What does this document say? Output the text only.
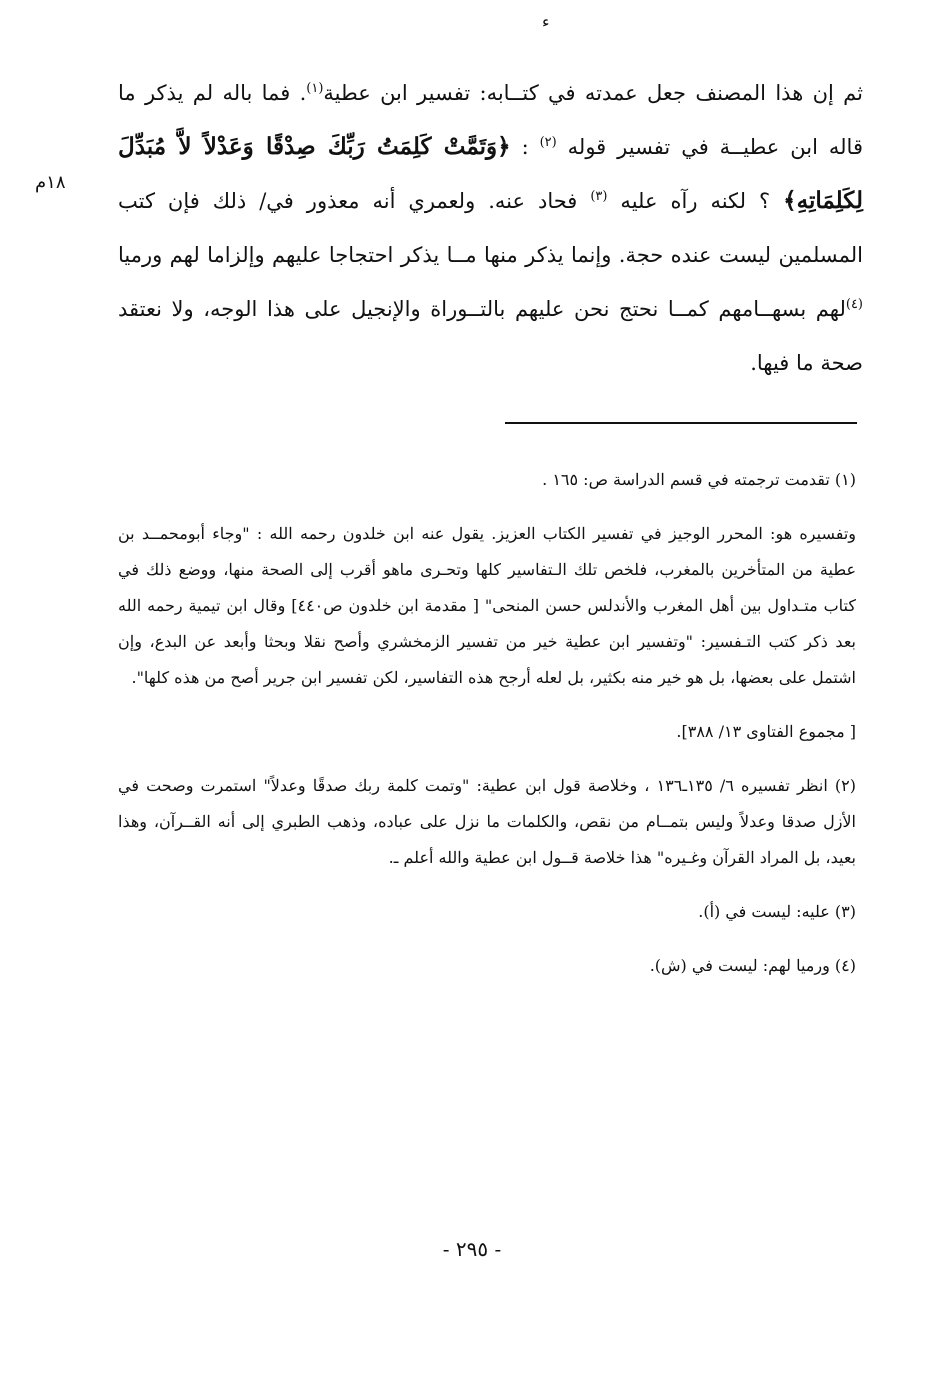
ء
١٨م

ثم إن هذا المصنف جعل عمدته في كتــابه: تفسير ابن عطية$^{(١)}$. فما باله لم يذكر ما قاله ابن عطيــة في تفسير قوله $^{(٢)}$ : ﴿وَتَمَّتْ كَلِمَتُ رَبِّكَ صِدْقًا وَعَدْلاً لاَّ مُبَدِّلَ لِكَلِمَاتِهِ﴾ ؟ لكنه رآه عليه $^{(٣)}$ فحاد عنه. ولعمري أنه معذور في/ ذلك فإن كتب المسلمين ليست عنده حجة. وإنما يذكر منها مــا يذكر احتجاجا عليهم وإلزاما لهم ورميا $^{(٤)}$لهم بسهــامهم كمــا نحتج نحن عليهم بالتــوراة والإنجيل على هذا الوجه، ولا نعتقد صحة ما فيها.

(١) تقدمت ترجمته في قسم الدراسة ص: ١٦٥ .

وتفسيره هو: المحرر الوجيز في تفسير الكتاب العزيز. يقول عنه ابن خلدون رحمه الله : "وجاء أبومحمــد بن عطية من المتأخرين بالمغرب، فلخص تلك الـتفاسير كلها وتحـرى ماهو أقرب إلى الصحة منها، ووضع ذلك في كتاب متـداول بين أهل المغرب والأندلس حسن المنحى" [ مقدمة ابن خلدون ص٤٤٠] وقال ابن تيمية رحمه الله بعد ذكر كتب التـفسير: "وتفسير ابن عطية خير من تفسير الزمخشري وأصح نقلا وبحثا وأبعد عن البدع، وإن اشتمل على بعضها، بل هو خير منه بكثير، بل لعله أرجح هذه التفاسير، لكن تفسير ابن جرير أصح من هذه كلها".

[ مجموع الفتاوى ١٣/ ٣٨٨].

(٢) انظر تفسيره ٦/ ١٣٥ـ١٣٦ ، وخلاصة قول ابن عطية: "وتمت كلمة ربك صدقًا وعدلاً" استمرت وصحت في الأزل صدقا وعدلاً وليس بتمــام من نقص، والكلمات ما نزل على عباده، وذهب الطبري إلى أنه القــرآن، وهذا بعيد، بل المراد القرآن وغـيره" هذا خلاصة قــول ابن عطية والله أعلم ـ.

(٣) عليه: ليست في (أ).

(٤) ورميا لهم: ليست في (ش).

- ٢٩٥ -
